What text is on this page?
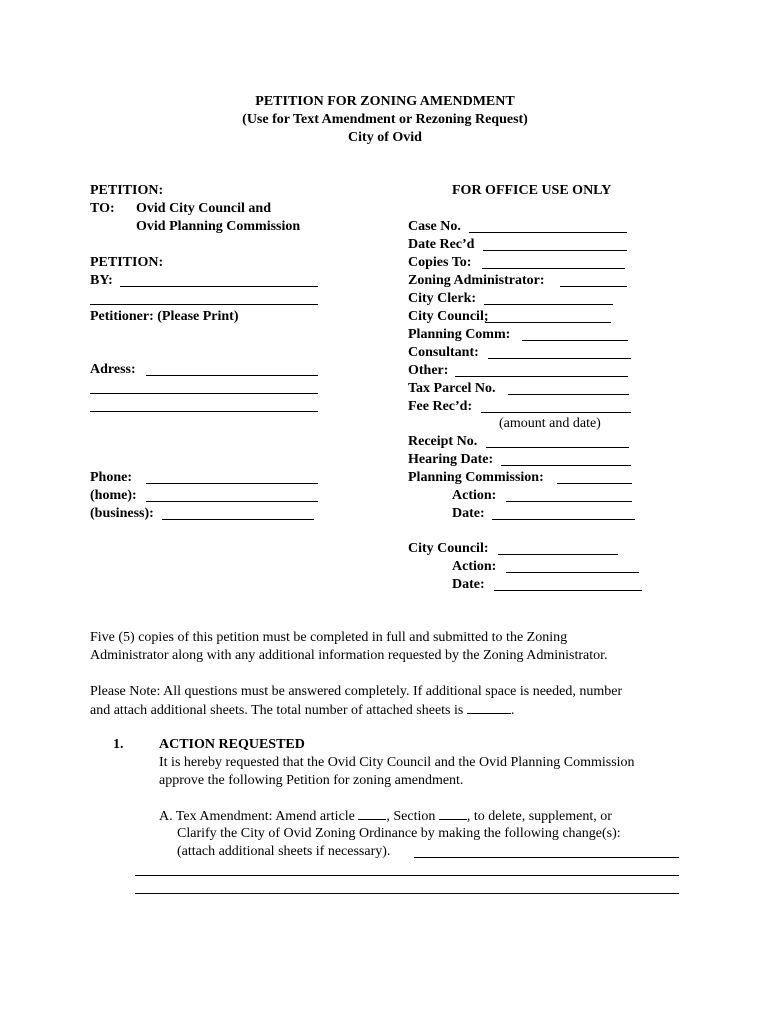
PETITION FOR ZONING AMENDMENT
(Use for Text Amendment or Rezoning Request)
City of Ovid
PETITION:
TO: Ovid City Council and
Ovid Planning Commission
PETITION:
BY:
Petitioner: (Please Print)
Adress:
Phone:
(home):
(business):
FOR OFFICE USE ONLY
Case No.
Date Rec’d
Copies To:
Zoning Administrator:
City Clerk:
City Council;
Planning Comm:
Consultant:
Other:
Tax Parcel No.
Fee Rec’d:
(amount and date)
Receipt No.
Hearing Date:
Planning Commission:
Action:
Date:
City Council:
Action:
Date:
Five (5) copies of this petition must be completed in full and submitted to the Zoning
Administrator along with any additional information requested by the Zoning Administrator.
Please Note: All questions must be answered completely. If additional space is needed, number
and attach additional sheets. The total number of attached sheets is	.
1.	ACTION REQUESTED
It is hereby requested that the Ovid City Council and the Ovid Planning Commission
approve the following Petition for zoning amendment.
A. Tex Amendment: Amend article , Section , to delete, supplement, or
Clarify the City of Ovid Zoning Ordinance by making the following change(s):
(attach additional sheets if necessary).
